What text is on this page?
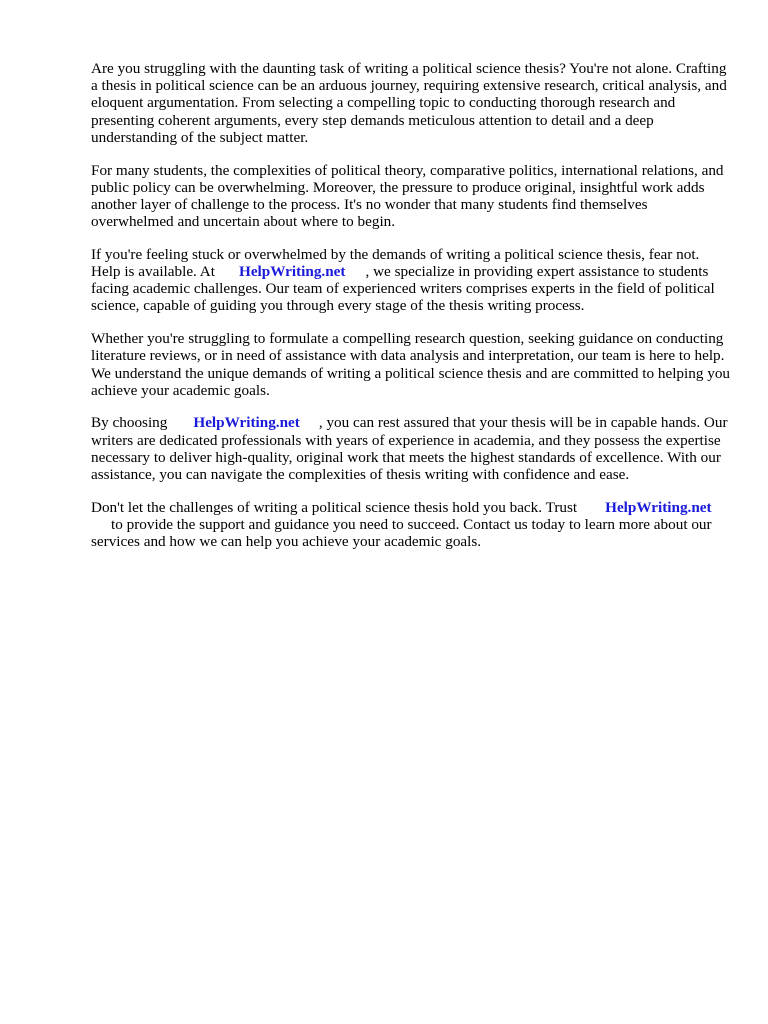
Are you struggling with the daunting task of writing a political science thesis? You're not alone. Crafting a thesis in political science can be an arduous journey, requiring extensive research, critical analysis, and eloquent argumentation. From selecting a compelling topic to conducting thorough research and presenting coherent arguments, every step demands meticulous attention to detail and a deep understanding of the subject matter.

For many students, the complexities of political theory, comparative politics, international relations, and public policy can be overwhelming. Moreover, the pressure to produce original, insightful work adds another layer of challenge to the process. It's no wonder that many students find themselves overwhelmed and uncertain about where to begin.

If you're feeling stuck or overwhelmed by the demands of writing a political science thesis, fear not. Help is available. At HelpWriting.net , we specialize in providing expert assistance to students facing academic challenges. Our team of experienced writers comprises experts in the field of political science, capable of guiding you through every stage of the thesis writing process.

Whether you're struggling to formulate a compelling research question, seeking guidance on conducting literature reviews, or in need of assistance with data analysis and interpretation, our team is here to help. We understand the unique demands of writing a political science thesis and are committed to helping you achieve your academic goals.

By choosing HelpWriting.net , you can rest assured that your thesis will be in capable hands. Our writers are dedicated professionals with years of experience in academia, and they possess the expertise necessary to deliver high-quality, original work that meets the highest standards of excellence. With our assistance, you can navigate the complexities of thesis writing with confidence and ease.

Don't let the challenges of writing a political science thesis hold you back. Trust HelpWriting.net
to provide the support and guidance you need to succeed. Contact us today to learn more about our services and how we can help you achieve your academic goals.
